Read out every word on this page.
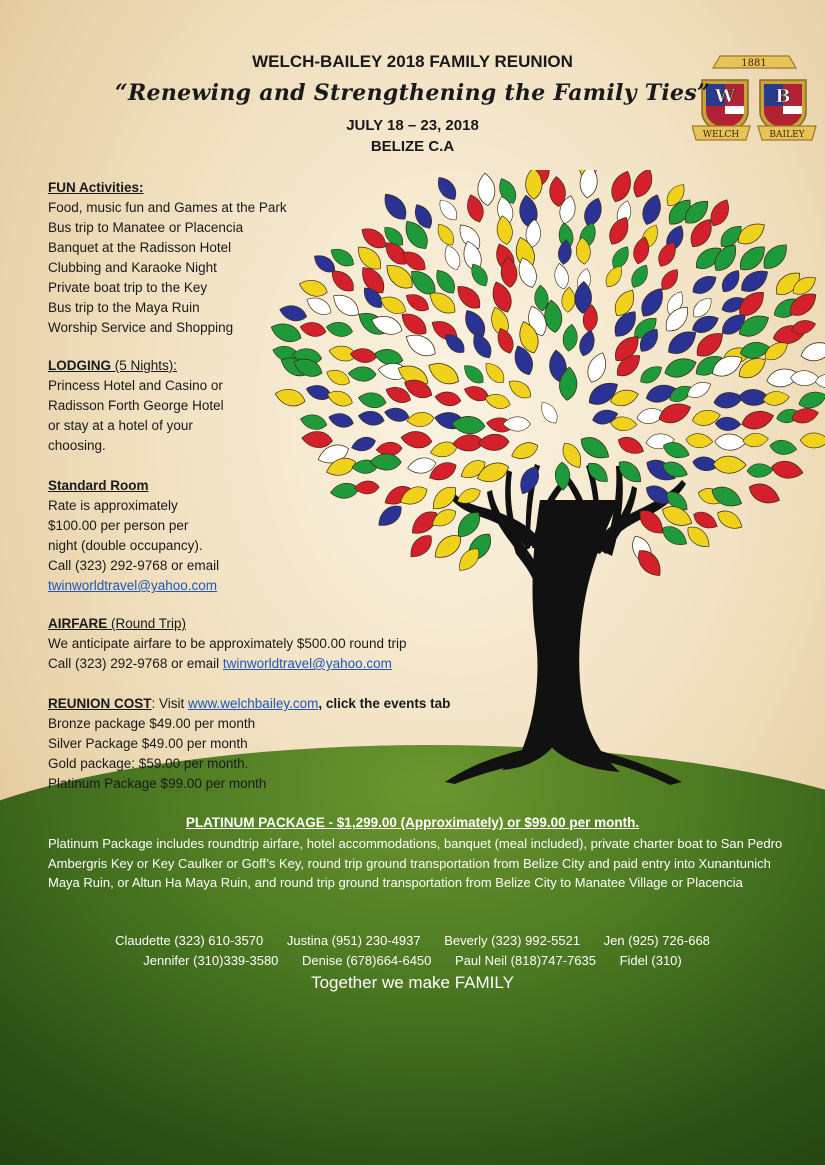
1881
W B
WELCH	BAILEY
WELCH-BAILEY 2018 FAMILY REUNION
“Renewing and Strengthening the Family Ties”
JULY 18 – 23, 2018
BELIZE C.A
FUN Activities:
Food, music fun and Games at the Park
Bus trip to Manatee or Placencia
Banquet at the Radisson Hotel
Clubbing and Karaoke Night
Private boat trip to the Key
Bus trip to the Maya Ruin
Worship Service and Shopping
LODGING (5 Nights):
Princess Hotel and Casino or
Radisson Forth George Hotel
or stay at a hotel of your
choosing.
Standard Room
Rate is approximately
$100.00 per person per
night (double occupancy).
Call (323) 292-9768 or email
twinworldtravel@yahoo.com
AIRFARE (Round Trip)
We anticipate airfare to be approximately $500.00 round trip
Call (323) 292-9768 or email twinworldtravel@yahoo.com
REUNION COST: Visit www.welchbailey.com, click the events tab
Bronze package $49.00 per month
Silver Package $49.00 per month
Gold package: $59.00 per month.
Platinum Package $99.00 per month
PLATINUM PACKAGE - $1,299.00 (Approximately) or $99.00 per month.
Platinum Package includes roundtrip airfare, hotel accommodations, banquet (meal included), private charter boat to San Pedro Ambergris Key or Key Caulker or Goff’s Key, round trip ground transportation from Belize City and paid entry into Xunantunich Maya Ruin, or Altun Ha Maya Ruin, and round trip ground transportation from Belize City to Manatee Village or Placencia
Claudette (323) 610-3570 Justina (951) 230-4937 Beverly (323) 992-5521 Jen (925) 726-668
Jennifer (310)339-3580 Denise (678)664-6450 Paul Neil (818)747-7635 Fidel (310)
Together we make FAMILY
